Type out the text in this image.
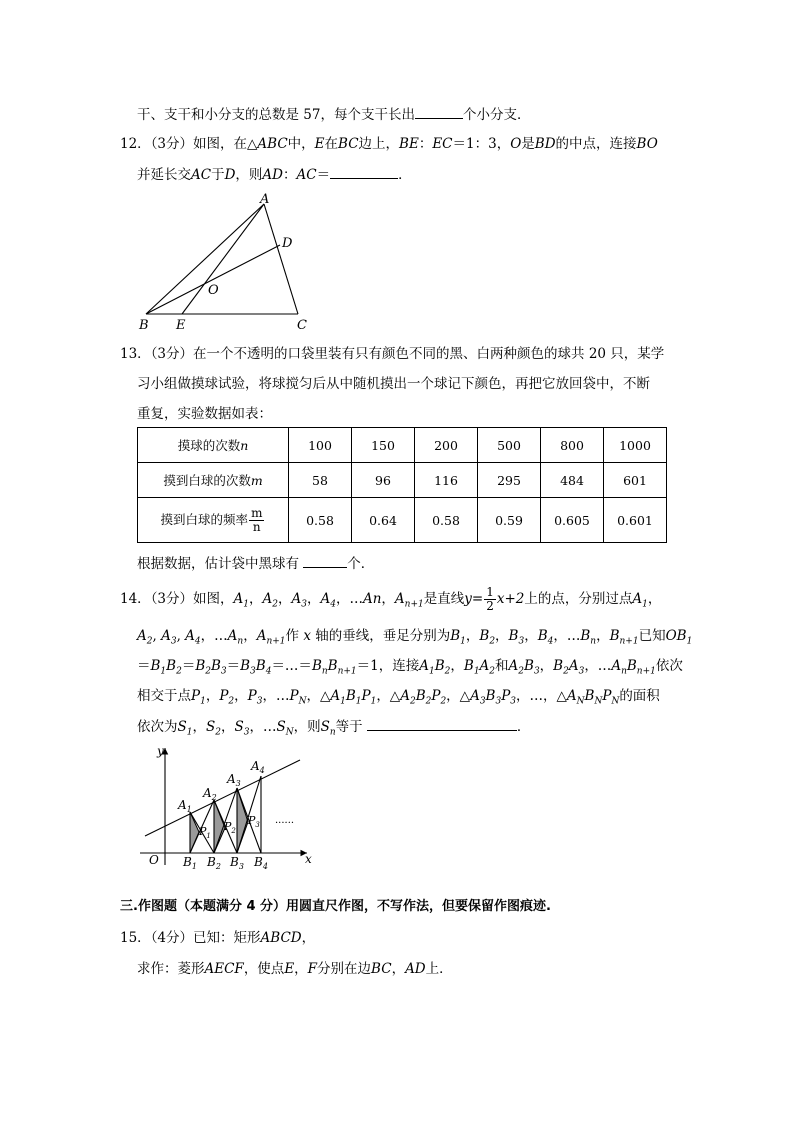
干、支干和小分支的总数是 57，每个支干长出	个小分支．
12．（3分）如图，在△ABC中，E在BC边上，BE：EC＝1：3，O是BD的中点，连接BO
并延长交AC于D，则AD：AC＝	．
A
D
O
B E	C
13．（3分）在一个不透明的口袋里装有只有颜色不同的黑、白两种颜色的球共 20 只，某学
习小组做摸球试验，将球搅匀后从中随机摸出一个球记下颜色，再把它放回袋中，不断
重复，实验数据如表：
摸球的次数n	100	150	200	500	800	1000
摸到白球的次数m	58	96	116	295	484	601
摸到白球的频率 $\frac{m}{n}$	0.58	0.64	0.58	0.59	0.605	0.601
根据数据，估计袋中黑球有	个．
14．（3分）如图，$A_1$，$A_2$，$A_3$，$A_4$，…An，$A_{n+1}$是直线$y= \frac{1}{2} x+2$上的点，分别过点$A_1$，
$A_2$, $A_3$, $A_4$，$\dots A_n$，$A_{n+1}$作 x 轴的垂线，垂足分别为$B_1$，$B_2$，$B_3$，$B_4$，$\dots B_n$，$B_{n+1}$已知$OB_1$
$=B_1B_2=B_2B_3=B_3B_4=\dots=B_nB_{n+1}=1$，连接$A_1B_2$，$B_1A_2$和$A_2B_3$，$B_2A_3$，$\dots A_nB_{n+1}$依次
相交于点$P_1$，$P_2$，$P_3$，$\dots P_N$，$\triangle A_1B_1P_1$，$\triangle A_2B_2P_2$，$\triangle A_3B_3P_3$，…，$\triangle A_NB_NP_N$的面积
依次为$S_1$，$S_2$，$S_3$，$\dots S_N$，则$S_n$等于	．
y
x
O
$A_1$
$A_2$
$A_3$
$A_4$
$P_1$
$P_2$
$P_3$
$B_1$ $B_2$ $B_3$ $B_4$
······
三.作图题（本题满分 4 分）用圆直尺作图，不写作法，但要保留作图痕迹.
15．（4分）已知：矩形ABCD，
求作：菱形AECF，使点E，F分别在边BC，AD上．
